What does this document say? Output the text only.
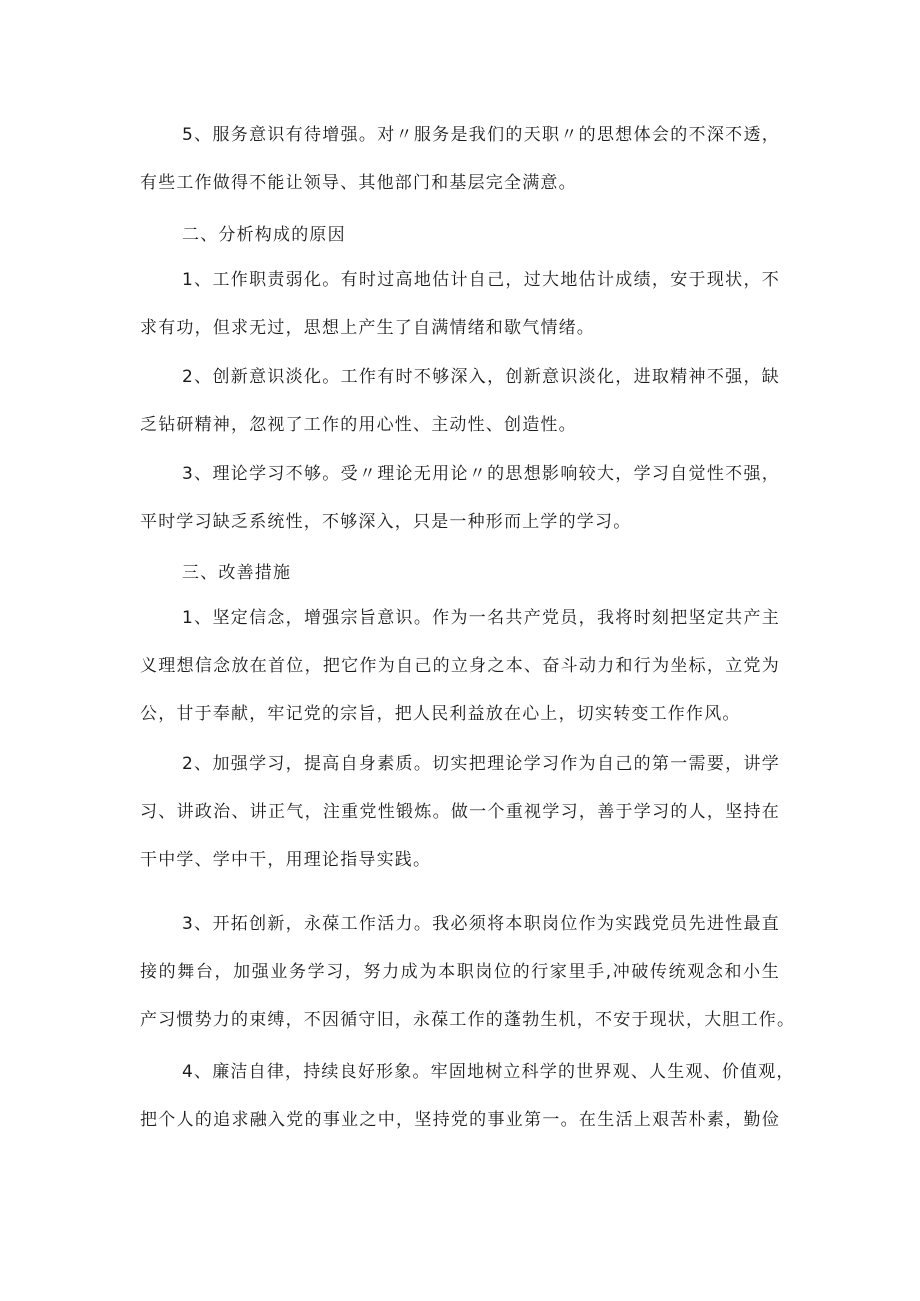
5、服务意识有待增强。对〃服务是我们的天职〃的思想体会的不深不透，
有些工作做得不能让领导、其他部门和基层完全满意。
二、分析构成的原因
1、工作职责弱化。有时过高地估计自己，过大地估计成绩，安于现状，不
求有功，但求无过，思想上产生了自满情绪和歇气情绪。
2、创新意识淡化。工作有时不够深入，创新意识淡化，进取精神不强，缺
乏钻研精神，忽视了工作的用心性、主动性、创造性。
3、理论学习不够。受〃理论无用论〃的思想影响较大，学习自觉性不强，
平时学习缺乏系统性，不够深入，只是一种形而上学的学习。
三、改善措施
1、坚定信念，增强宗旨意识。作为一名共产党员，我将时刻把坚定共产主
义理想信念放在首位，把它作为自己的立身之本、奋斗动力和行为坐标，立党为
公，甘于奉献，牢记党的宗旨，把人民利益放在心上，切实转变工作作风。
2、加强学习，提高自身素质。切实把理论学习作为自己的第一需要，讲学
习、讲政治、讲正气，注重党性锻炼。做一个重视学习，善于学习的人，坚持在
干中学、学中干，用理论指导实践。
3、开拓创新，永葆工作活力。我必须将本职岗位作为实践党员先进性最直
接的舞台，加强业务学习，努力成为本职岗位的行家里手,冲破传统观念和小生
产习惯势力的束缚，不因循守旧，永葆工作的蓬勃生机，不安于现状，大胆工作。
4、廉洁自律，持续良好形象。牢固地树立科学的世界观、人生观、价值观，
把个人的追求融入党的事业之中，坚持党的事业第一。在生活上艰苦朴素，勤俭
